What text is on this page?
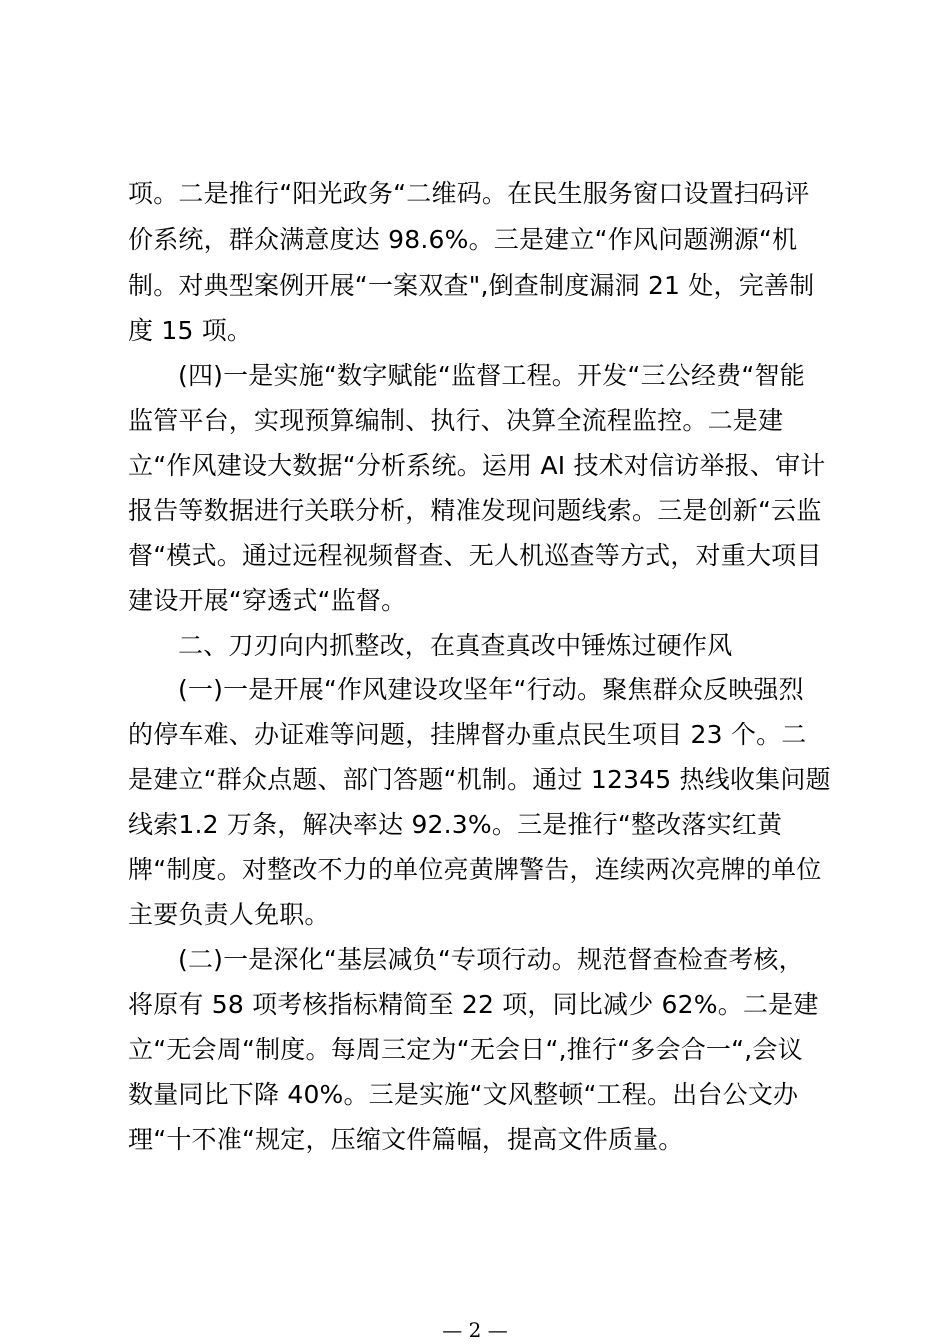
项。二是推行“阳光政务“二维码。在民生服务窗口设置扫码评
价系统，群众满意度达 98.6%。三是建立“作风问题溯源“机
制。对典型案例开展“一案双查",倒查制度漏洞 21 处，完善制
度 15 项。
(四)一是实施“数字赋能“监督工程。开发“三公经费“智能
监管平台，实现预算编制、执行、决算全流程监控。二是建
立“作风建设大数据“分析系统。运用 AI 技术对信访举报、审计
报告等数据进行关联分析，精准发现问题线索。三是创新“云监
督“模式。通过远程视频督查、无人机巡查等方式，对重大项目
建设开展“穿透式“监督。
二、刀刃向内抓整改，在真查真改中锤炼过硬作风
(一)一是开展“作风建设攻坚年“行动。聚焦群众反映强烈
的停车难、办证难等问题，挂牌督办重点民生项目 23 个。二
是建立“群众点题、部门答题“机制。通过 12345 热线收集问题
线索1.2 万条，解决率达 92.3%。三是推行“整改落实红黄
牌“制度。对整改不力的单位亮黄牌警告，连续两次亮牌的单位
主要负责人免职。
(二)一是深化“基层减负“专项行动。规范督查检查考核，
将原有 58 项考核指标精简至 22 项，同比减少 62%。二是建
立“无会周“制度。每周三定为“无会日“,推行“多会合一“,会议
数量同比下降 40%。三是实施“文风整顿“工程。出台公文办
理“十不准“规定，压缩文件篇幅，提高文件质量。
— 2 —
